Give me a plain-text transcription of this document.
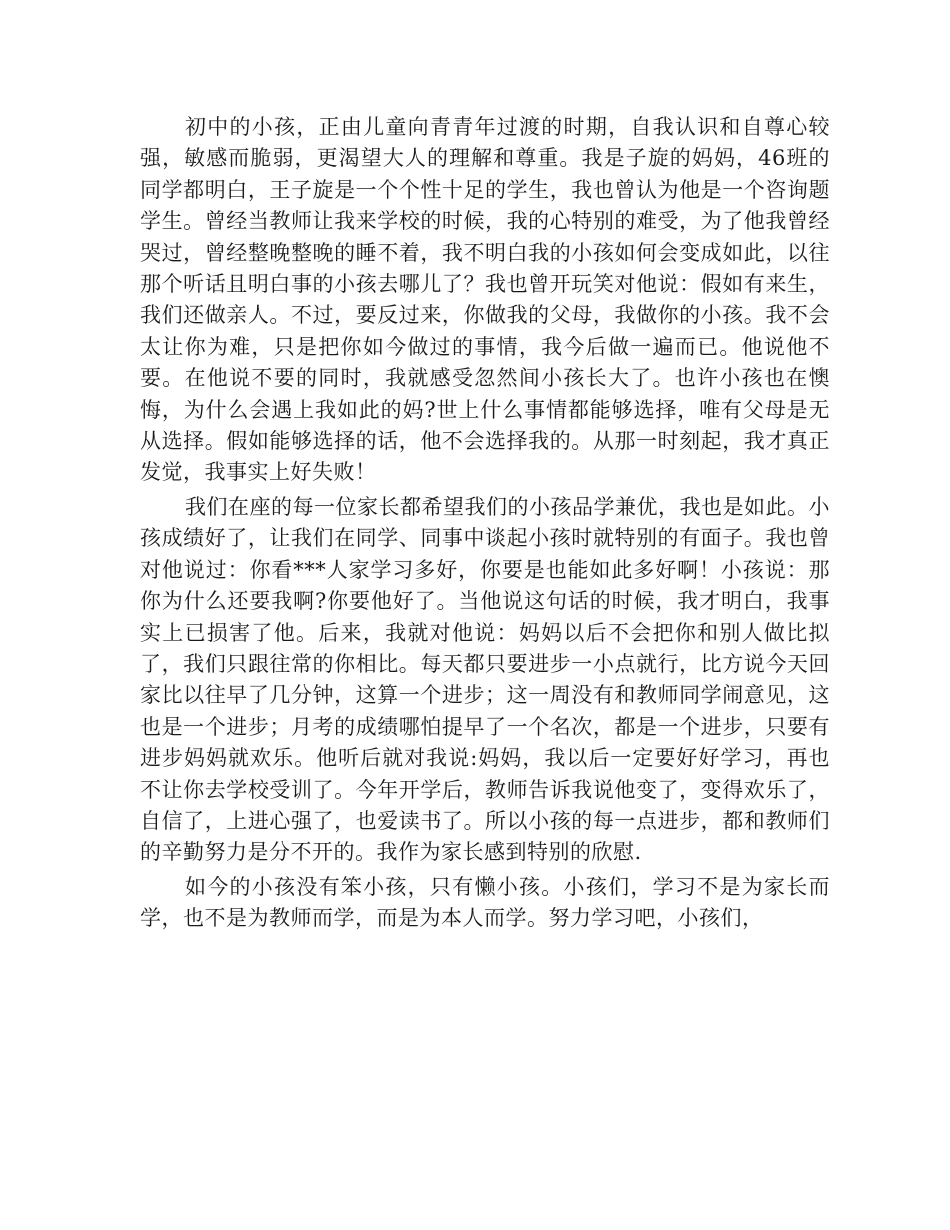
初中的小孩，正由儿童向青青年过渡的时期，自我认识和自尊心较强，敏感而脆弱，更渴望大人的理解和尊重。我是子旋的妈妈，46班的同学都明白，王子旋是一个个性十足的学生，我也曾认为他是一个咨询题学生。曾经当教师让我来学校的时候，我的心特别的难受，为了他我曾经哭过，曾经整晚整晚的睡不着，我不明白我的小孩如何会变成如此，以往那个听话且明白事的小孩去哪儿了？我也曾开玩笑对他说：假如有来生，我们还做亲人。不过，要反过来，你做我的父母，我做你的小孩。我不会太让你为难，只是把你如今做过的事情，我今后做一遍而已。他说他不要。在他说不要的同时，我就感受忽然间小孩长大了。也许小孩也在懊悔，为什么会遇上我如此的妈?世上什么事情都能够选择，唯有父母是无从选择。假如能够选择的话，他不会选择我的。从那一时刻起，我才真正发觉，我事实上好失败！

我们在座的每一位家长都希望我们的小孩品学兼优，我也是如此。小孩成绩好了，让我们在同学、同事中谈起小孩时就特别的有面子。我也曾对他说过：你看***人家学习多好，你要是也能如此多好啊！小孩说：那你为什么还要我啊?你要他好了。当他说这句话的时候，我才明白，我事实上已损害了他。后来，我就对他说：妈妈以后不会把你和别人做比拟了，我们只跟往常的你相比。每天都只要进步一小点就行，比方说今天回家比以往早了几分钟，这算一个进步；这一周没有和教师同学闹意见，这也是一个进步；月考的成绩哪怕提早了一个名次，都是一个进步，只要有进步妈妈就欢乐。他听后就对我说:妈妈，我以后一定要好好学习，再也不让你去学校受训了。今年开学后，教师告诉我说他变了，变得欢乐了，自信了，上进心强了，也爱读书了。所以小孩的每一点进步，都和教师们的辛勤努力是分不开的。我作为家长感到特别的欣慰.

如今的小孩没有笨小孩，只有懒小孩。小孩们，学习不是为家长而学，也不是为教师而学，而是为本人而学。努力学习吧，小孩们，
